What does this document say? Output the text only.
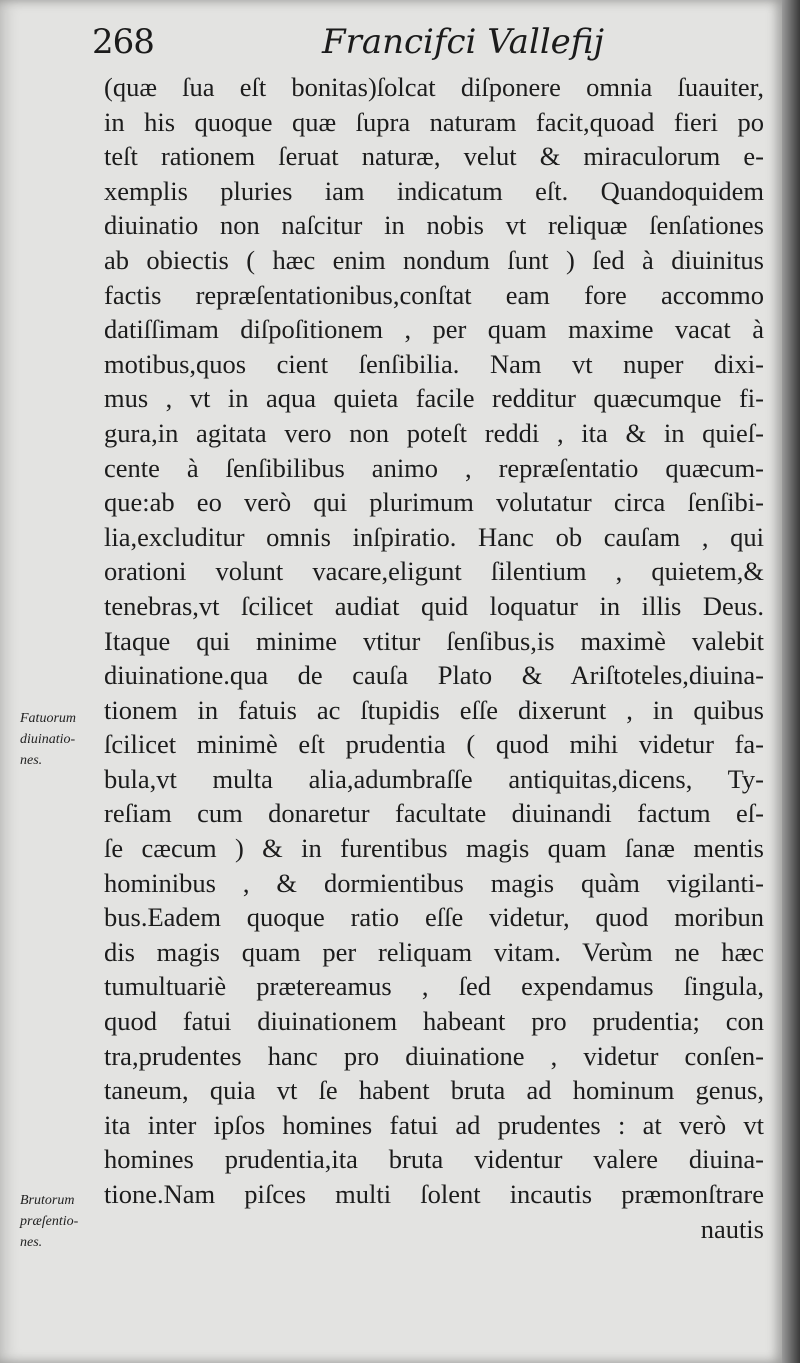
268	Francifci Vallefij
(quæ ſua eſt bonitas)ſolcat diſponere omnia ſuauiter,
in his quoque quæ ſupra naturam facit,quoad fieri po
teſt rationem ſeruat naturæ, velut & miraculorum e-
xemplis pluries iam indicatum eſt. Quandoquidem
diuinatio non naſcitur in nobis vt reliquæ ſenſationes
ab obiectis ( hæc enim nondum ſunt ) ſed à diuinitus
factis repræſentationibus,conſtat eam fore accommo
datiſſimam diſpoſitionem , per quam maxime vacat à
motibus,quos cient ſenſibilia. Nam vt nuper dixi-
mus , vt in aqua quieta facile redditur quæcumque fi-
gura,in agitata vero non poteſt reddi , ita & in quieſ-
cente à ſenſibilibus animo , repræſentatio quæcum-
que:ab eo verò qui plurimum volutatur circa ſenſibi-
lia,excluditur omnis inſpiratio. Hanc ob cauſam , qui
orationi volunt vacare,eligunt ſilentium , quietem,&
tenebras,vt ſcilicet audiat quid loquatur in illis Deus.
Itaque qui minime vtitur ſenſibus,is maximè valebit
diuinatione.qua de cauſa Plato & Ariſtoteles,diuina-
tionem in fatuis ac ſtupidis eſſe dixerunt , in quibus
ſcilicet minimè eſt prudentia ( quod mihi videtur fa-
bula,vt multa alia,adumbraſſe antiquitas,dicens, Ty-
reſiam cum donaretur facultate diuinandi factum eſ-
ſe cæcum ) & in furentibus magis quam ſanæ mentis
hominibus , & dormientibus magis quàm vigilanti-
bus.Eadem quoque ratio eſſe videtur, quod moribun
dis magis quam per reliquam vitam. Verùm ne hæc
tumultuariè prætereamus , ſed expendamus ſingula,
quod fatui diuinationem habeant pro prudentia; con
tra,prudentes hanc pro diuinatione , videtur conſen-
taneum, quia vt ſe habent bruta ad hominum genus,
ita inter ipſos homines fatui ad prudentes : at verò vt
homines prudentia,ita bruta videntur valere diuina-
tione.Nam piſces multi ſolent incautis præmonſtrare
nautis
Fatuorum
diuinatio-
nes.
Brutorum
præſentio-
nes.
